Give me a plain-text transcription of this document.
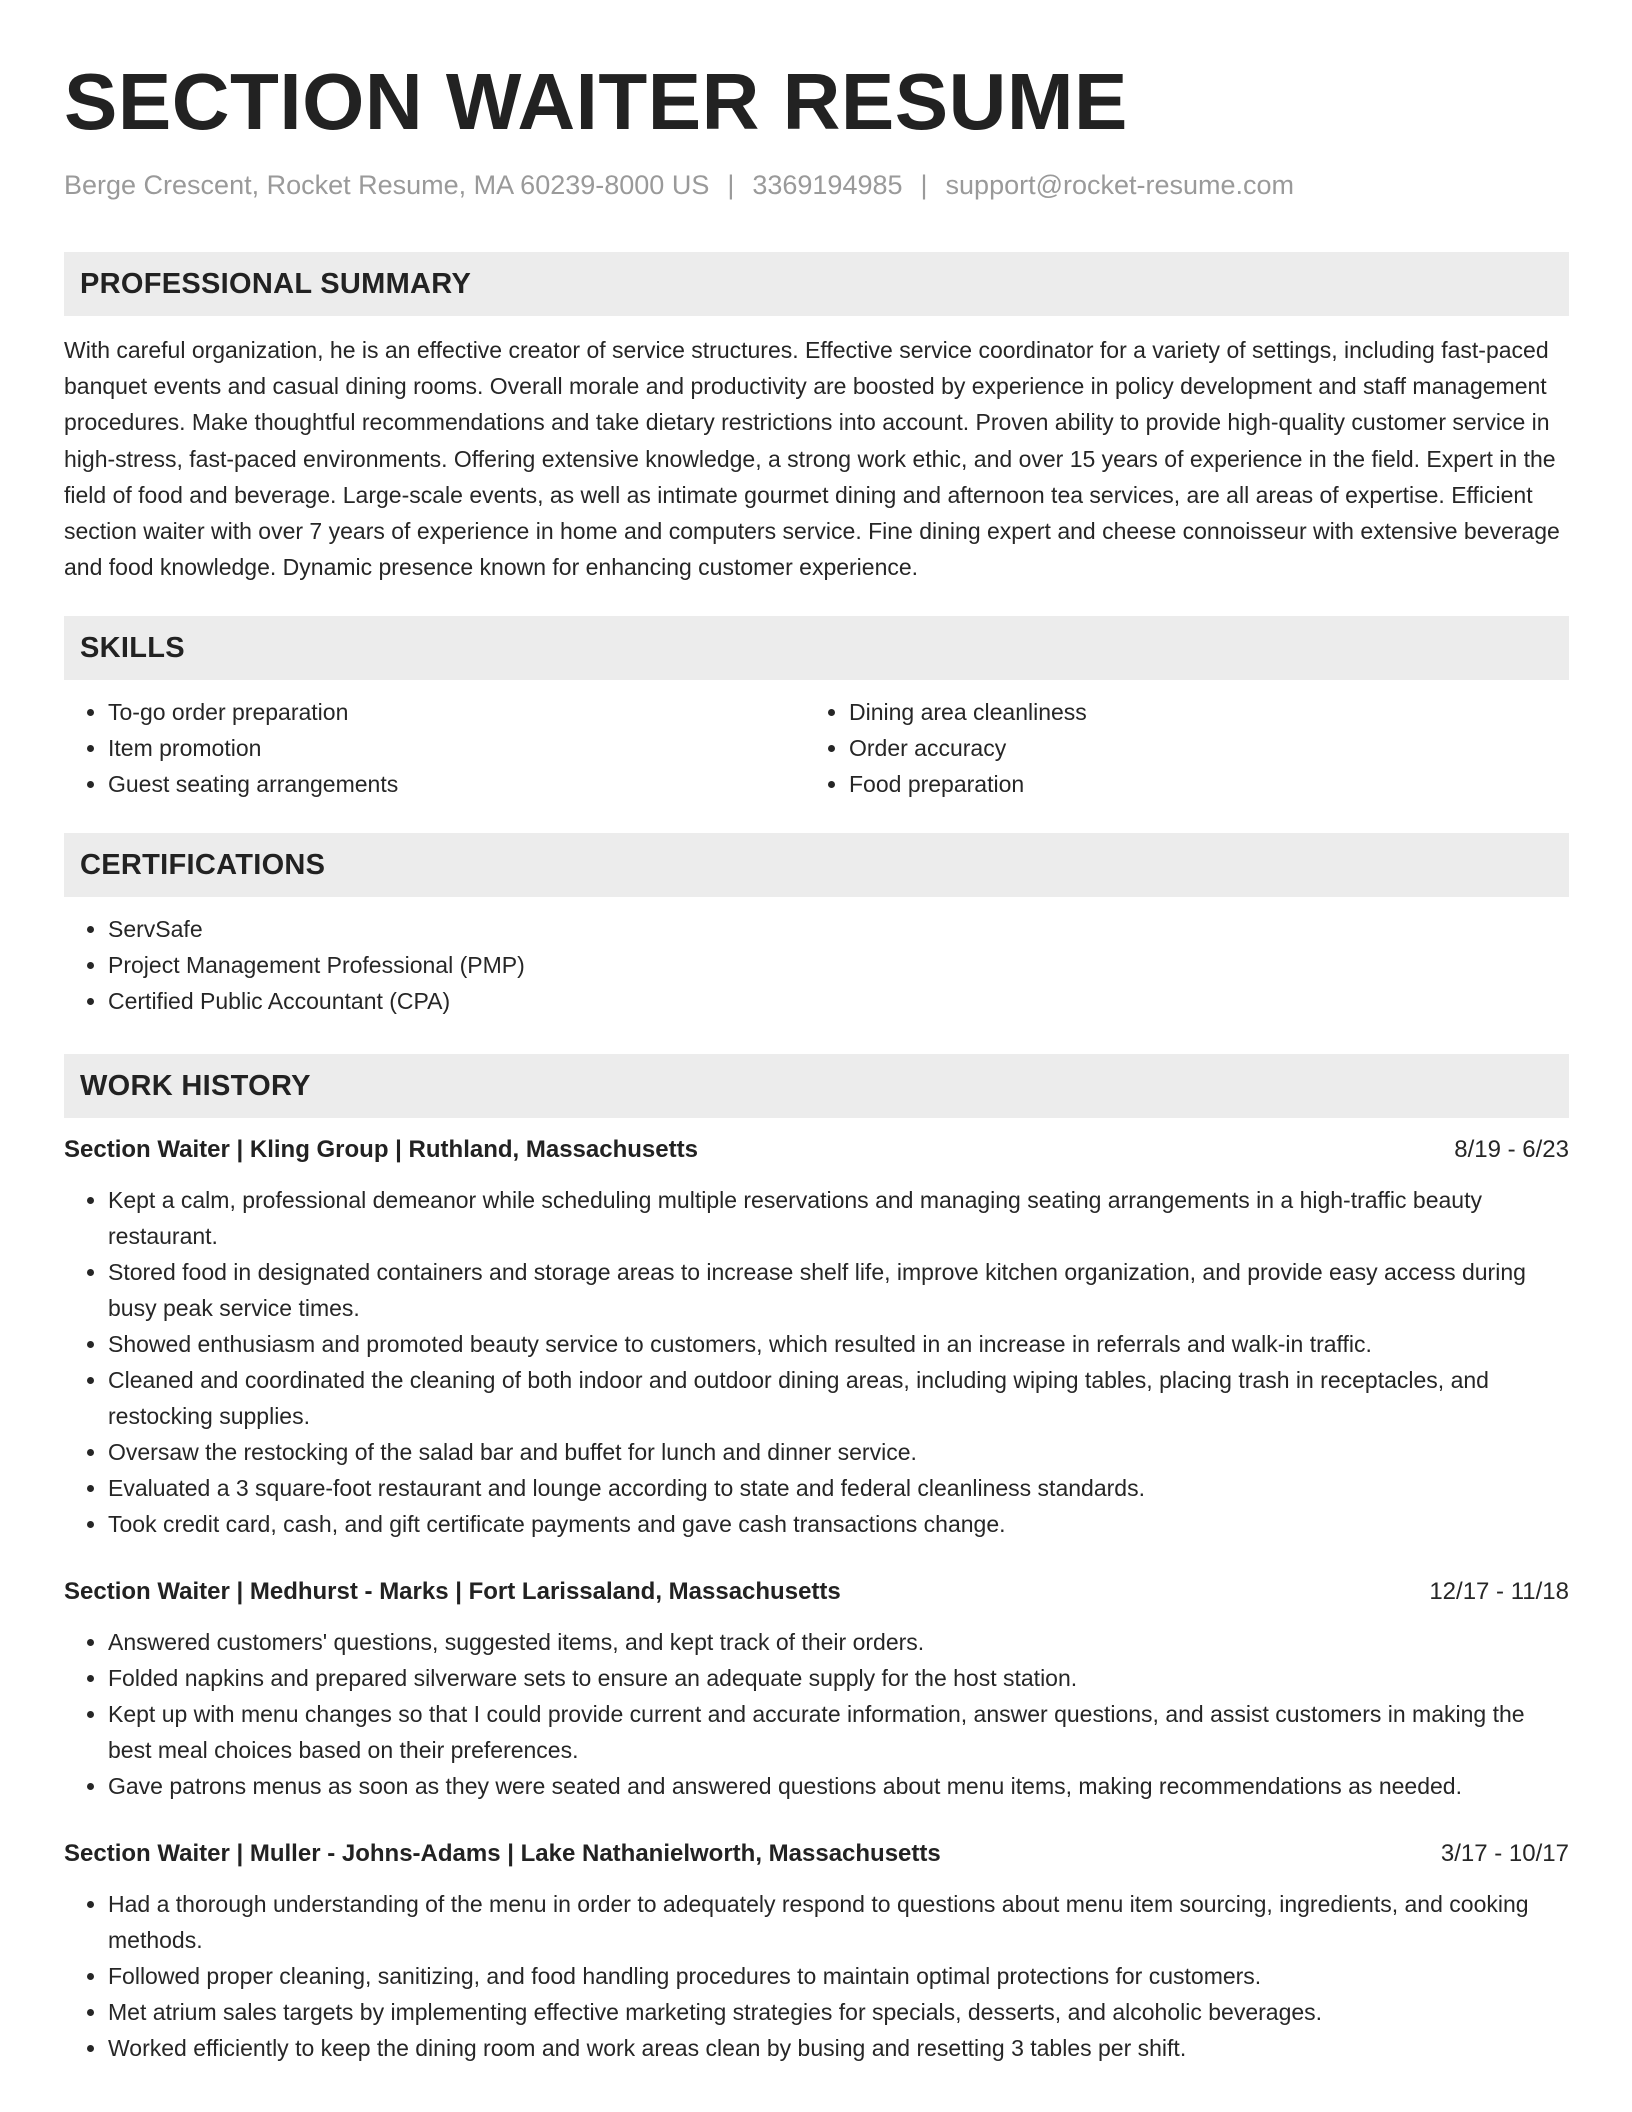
SECTION WAITER RESUME
Berge Crescent, Rocket Resume, MA 60239-8000 US | 3369194985 | support@rocket-resume.com
PROFESSIONAL SUMMARY

With careful organization, he is an effective creator of service structures. Effective service coordinator for a variety of settings, including fast-paced banquet events and casual dining rooms. Overall morale and productivity are boosted by experience in policy development and staff management procedures. Make thoughtful recommendations and take dietary restrictions into account. Proven ability to provide high-quality customer service in high-stress, fast-paced environments. Offering extensive knowledge, a strong work ethic, and over 15 years of experience in the field. Expert in the field of food and beverage. Large-scale events, as well as intimate gourmet dining and afternoon tea services, are all areas of expertise. Efficient section waiter with over 7 years of experience in home and computers service. Fine dining expert and cheese connoisseur with extensive beverage and food knowledge. Dynamic presence known for enhancing customer experience.

SKILLS
• To-go order preparation
• Item promotion
• Guest seating arrangements
• Dining area cleanliness
• Order accuracy
• Food preparation
CERTIFICATIONS
• ServSafe
• Project Management Professional (PMP)
• Certified Public Accountant (CPA)
WORK HISTORY
Section Waiter | Kling Group | Ruthland, Massachusetts	8/19 - 6/23
• Kept a calm, professional demeanor while scheduling multiple reservations and managing seating arrangements in a high-traffic beauty restaurant.
• Stored food in designated containers and storage areas to increase shelf life, improve kitchen organization, and provide easy access during busy peak service times.
• Showed enthusiasm and promoted beauty service to customers, which resulted in an increase in referrals and walk-in traffic.
• Cleaned and coordinated the cleaning of both indoor and outdoor dining areas, including wiping tables, placing trash in receptacles, and restocking supplies.
• Oversaw the restocking of the salad bar and buffet for lunch and dinner service.
• Evaluated a 3 square-foot restaurant and lounge according to state and federal cleanliness standards.
• Took credit card, cash, and gift certificate payments and gave cash transactions change.
Section Waiter | Medhurst - Marks | Fort Larissaland, Massachusetts	12/17 - 11/18
• Answered customers' questions, suggested items, and kept track of their orders.
• Folded napkins and prepared silverware sets to ensure an adequate supply for the host station.
• Kept up with menu changes so that I could provide current and accurate information, answer questions, and assist customers in making the best meal choices based on their preferences.
• Gave patrons menus as soon as they were seated and answered questions about menu items, making recommendations as needed.
Section Waiter | Muller - Johns-Adams | Lake Nathanielworth, Massachusetts	3/17 - 10/17
• Had a thorough understanding of the menu in order to adequately respond to questions about menu item sourcing, ingredients, and cooking methods.
• Followed proper cleaning, sanitizing, and food handling procedures to maintain optimal protections for customers.
• Met atrium sales targets by implementing effective marketing strategies for specials, desserts, and alcoholic beverages.
• Worked efficiently to keep the dining room and work areas clean by busing and resetting 3 tables per shift.
